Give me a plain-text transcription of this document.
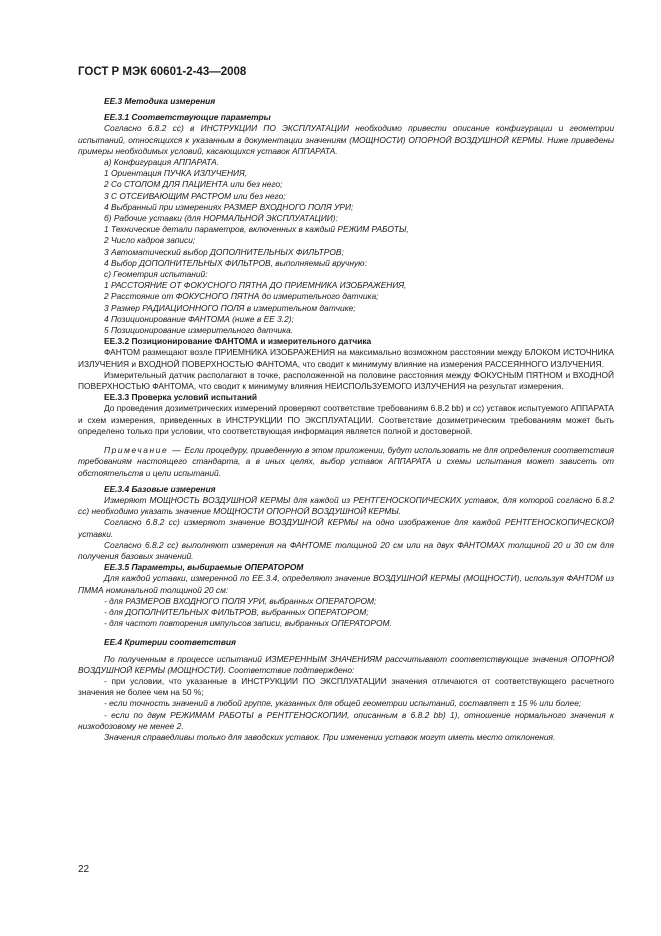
ГОСТ Р МЭК 60601-2-43—2008

EE.3 Методика измерения

EE.3.1 Соответствующие параметры

Согласно 6.8.2 сс) в ИНСТРУКЦИИ ПО ЭКСПЛУАТАЦИИ необходимо привести описание конфигурации и геометрии испытаний, относящихся к указанным в документации значениям (МОЩНОСТИ) ОПОРНОЙ ВОЗДУШНОЙ КЕРМЫ. Ниже приведены примеры необходимых условий, касающихся уставок АППАРАТА.

а) Конфигурация АППАРАТА.

1 Ориентация ПУЧКА ИЗЛУЧЕНИЯ,

2 Со СТОЛОМ ДЛЯ ПАЦИЕНТА или без него;

3 С ОТСЕИВАЮЩИМ РАСТРОМ или без него;

4 Выбранный при измерениях РАЗМЕР ВХОДНОГО ПОЛЯ УРИ;

б) Рабочие уставки (для НОРМАЛЬНОЙ ЭКСПЛУАТАЦИИ):

1 Технические детали параметров, включенных в каждый РЕЖИМ РАБОТЫ,

2 Число кадров записи;

3 Автоматический выбор ДОПОЛНИТЕЛЬНЫХ ФИЛЬТРОВ;

4 Выбор ДОПОЛНИТЕЛЬНЫХ ФИЛЬТРОВ, выполняемый вручную:

с) Геометрия испытаний:

1 РАССТОЯНИЕ ОТ ФОКУСНОГО ПЯТНА ДО ПРИЕМНИКА ИЗОБРАЖЕНИЯ,

2 Расстояние от ФОКУСНОГО ПЯТНА до измерительного датчика;

3 Размер РАДИАЦИОННОГО ПОЛЯ в измерительном датчике;

4 Позиционирование ФАНТОМА (ниже в ЕЕ 3.2);

5 Позиционирование измерительного датчика.

EE.3.2 Позиционирование ФАНТОМА и измерительного датчика

ФАНТОМ размещают возле ПРИЕМНИКА ИЗОБРАЖЕНИЯ на максимально возможном расстоянии между БЛОКОМ ИСТОЧНИКА ИЗЛУЧЕНИЯ и ВХОДНОЙ ПОВЕРХНОСТЬЮ ФАНТОМА, что сводит к минимуму влияние на измерения РАССЕЯННОГО ИЗЛУЧЕНИЯ.

Измерительный датчик располагают в точке, расположенной на половине расстояния между ФОКУСНЫМ ПЯТНОМ и ВХОДНОЙ ПОВЕРХНОСТЬЮ ФАНТОМА, что сводит к минимуму влияния НЕИСПОЛЬЗУЕМОГО ИЗЛУЧЕНИЯ на результат измерения.

EE.3.3 Проверка условий испытаний

До проведения дозиметрических измерений проверяют соответствие требованиям 6.8.2 bb) и сс) уставок испытуемого АППАРАТА и схем измерения, приведенных в ИНСТРУКЦИИ ПО ЭКСПЛУАТАЦИИ. Соответствие дозиметрическим требованиям может быть определено только при условии, что соответствующая информация является полной и достоверной.

Примечание — Если процедуру, приведенную в этом приложении, будут использовать не для определения соответствия требованиям настоящего стандарта, а в иных целях, выбор уставок АППАРАТА и схемы испытания может зависеть от обстоятельств и цели испытаний.

EE.3.4 Базовые измерения

Измеряют МОЩНОСТЬ ВОЗДУШНОЙ КЕРМЫ для каждой из РЕНТГЕНОСКОПИЧЕСКИХ уставок, для которой согласно 6.8.2 сс) необходимо указать значение МОЩНОСТИ ОПОРНОЙ ВОЗДУШНОЙ КЕРМЫ.

Согласно 6.8.2 сс) измеряют значение ВОЗДУШНОЙ КЕРМЫ на одно изображение для каждой РЕНТГЕНОСКОПИЧЕСКОЙ уставки.

Согласно 6.8.2 сс) выполняют измерения на ФАНТОМЕ толщиной 20 см или на двух ФАНТОМАХ толщиной 20 и 30 см для получения базовых значений.

EE.3.5 Параметры, выбираемые ОПЕРАТОРОМ

Для каждой уставки, измеренной по ЕЕ.3.4, определяют значение ВОЗДУШНОЙ КЕРМЫ (МОЩНОСТИ), используя ФАНТОМ из ПММА номинальной толщиной 20 см:

- для РАЗМЕРОВ ВХОДНОГО ПОЛЯ УРИ, выбранных ОПЕРАТОРОМ;

- для ДОПОЛНИТЕЛЬНЫХ ФИЛЬТРОВ, выбранных ОПЕРАТОРОМ;

- для частот повторения импульсов записи, выбранных ОПЕРАТОРОМ.

EE.4 Критерии соответствия

По полученным в процессе испытаний ИЗМЕРЕННЫМ ЗНАЧЕНИЯМ рассчитывают соответствующие значения ОПОРНОЙ ВОЗДУШНОЙ КЕРМЫ (МОЩНОСТИ). Соответствие подтверждено:

- при условии, что указанные в ИНСТРУКЦИИ ПО ЭКСПЛУАТАЦИИ значения отличаются от соответствующего расчетного значения не более чем на 50 %;

- если точность значений в любой группе, указанных для общей геометрии испытаний, составляет ± 15 % или более;

- если по двум РЕЖИМАМ РАБОТЫ в РЕНТГЕНОСКОПИИ, описанным в 6.8.2 bb) 1), отношение нормального значения к низкодозовому не менее 2.

Значения справедливы только для заводских уставок. При изменении уставок могут иметь место отклонения.

22
